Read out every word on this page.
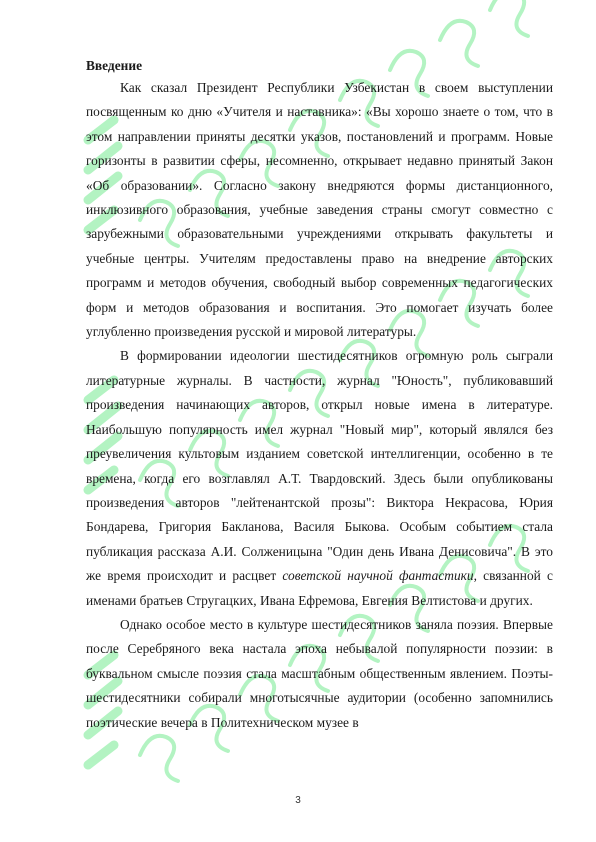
Введение

Как сказал Президент Республики Узбекистан в своем выступлении посвященным ко дню «Учителя и наставника»: «Вы хорошо знаете о том, что в этом направлении приняты десятки указов, постановлений и программ. Новые горизонты в развитии сферы, несомненно, открывает недавно принятый Закон «Об образовании». Согласно закону внедряются формы дистанционного, инклюзивного образования, учебные заведения страны смогут совместно с зарубежными образовательными учреждениями открывать факультеты и учебные центры. Учителям предоставлены право на внедрение авторских программ и методов обучения, свободный выбор современных педагогических форм и методов образования и воспитания. Это помогает изучать более углубленно произведения русской и мировой литературы.

В формировании идеологии шестидесятников огромную роль сыграли литературные журналы. В частности, журнал "Юность", публиковавший произведения начинающих авторов, открыл новые имена в литературе. Наибольшую популярность имел журнал "Новый мир", который являлся без преувеличения культовым изданием советской интеллигенции, особенно в те времена, когда его возглавлял А.Т. Твардовский. Здесь были опубликованы произведения авторов "лейтенантской прозы": Виктора Некрасова, Юрия Бондарева, Григория Бакланова, Василя Быкова. Особым событием стала публикация рассказа А.И. Солженицына "Один день Ивана Денисовича". В это же время происходит и расцвет советской научной фантастики, связанной с именами братьев Стругацких, Ивана Ефремова, Евгения Велтистова и других.

Однако особое место в культуре шестидесятников заняла поэзия. Впервые после Серебряного века настала эпоха небывалой популярности поэзии: в буквальном смысле поэзия стала масштабным общественным явлением. Поэты-шестидесятники собирали многотысячные аудитории (особенно запомнились поэтические вечера в Политехническом музее в

3
